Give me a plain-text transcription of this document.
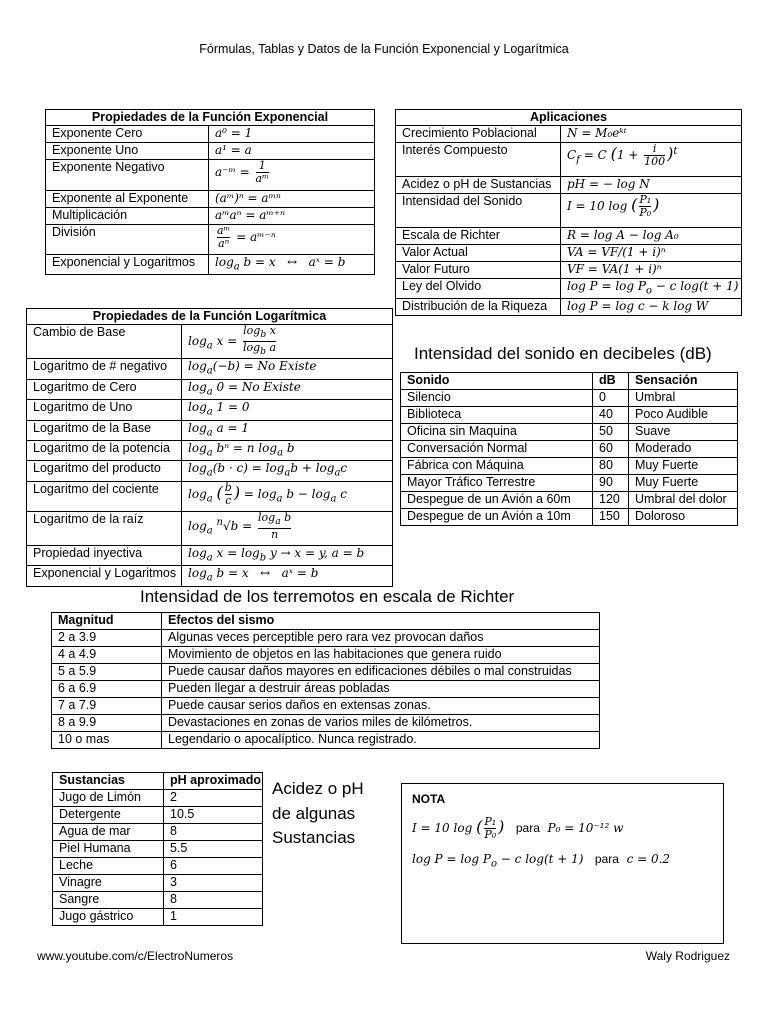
Fórmulas, Tablas y Datos de la Función Exponencial y Logarítmica
Propiedades de la Función Exponencial
Exponente Cero	a⁰ = 1
Exponente Uno	a¹ = a
Exponente Negativo	a⁻ᵐ = $\frac{1}{\text{aᵐ}}$

Exponente al Exponente	(aᵐ)ⁿ = aᵐⁿ
Multiplicación	aᵐaⁿ = aᵐ⁺ⁿ
División	$\frac{\text{aᵐ}}{\text{aⁿ}}$ = aᵐ⁻ⁿ
Exponencial y Logaritmos	$\log_a b = x$   ↔   aˣ = b
Aplicaciones
Crecimiento Poblacional	N = M₀eᵏᵗ
Interés Compuesto	$C_f = C$ $(1 + \frac{i}{100} )^t$
Acidez o pH de Sustancias	pH = − log N
Intensidad del Sonido	I = 10 log ( $\frac{\text{P₁}}{\text{P₀}}$ )
Escala de Richter	R = log A − log A₀
Valor Actual	VA = VF/(1 + i)ⁿ
Valor Futuro	VF = VA(1 + i)ⁿ
Ley del Olvido	$\log P = \log P_o - c$ log(t + 1)
Distribución de la Riqueza	log P = log c − k log W
Propiedades de la Función Logarítmica
Cambio de Base	$\log_a x = \frac{\log_b x}{\log_b a}$

Logaritmo de # negativo	$\log_a(-b) = No$ Existe
Logaritmo de Cero	$\log_a 0 = No$ Existe
Logaritmo de Uno	$\log_a 1 = 0$
Logaritmo de la Base	$\log_a a = 1$
Logaritmo de la potencia	$\log_a b^n = n$ $\log_a b$
Logaritmo del producto	$\log_a(b \cdot c) = \log_ab + \log_ac$
Logaritmo del cociente	$\log_a$ ( $\frac{b}{c}$ ) = $\log_a b - \log_a c$
Logaritmo de la raíz	$\log_a ^n√b = \frac{\log_a b}{n}$

Propiedad inyectiva	$\log_a x = \log_b y \to x = y$, a = b
Exponencial y Logaritmos	$\log_a b = x$   ↔   aˣ = b
Intensidad del sonido en decibeles (dB)
Sonido	dB	Sensación
Silencio	0	Umbral
Biblioteca	40	Poco Audible
Oficina sin Maquina	50	Suave
Conversación Normal	60	Moderado
Fábrica con Máquina	80	Muy Fuerte
Mayor Tráfico Terrestre	90	Muy Fuerte
Despegue de un Avión a 60m	120	Umbral del dolor
Despegue de un Avión a 10m	150	Doloroso
Intensidad de los terremotos en escala de Richter
Magnitud	Efectos del sismo
2 a 3.9	Algunas veces perceptible pero rara vez provocan daños
4 a 4.9	Movimiento de objetos en las habitaciones que genera ruido
5 a 5.9	Puede causar daños mayores en edificaciones débiles o mal construidas
6 a 6.9	Pueden llegar a destruir áreas pobladas
7 a 7.9	Puede causar serios daños en extensas zonas.
8 a 9.9	Devastaciones en zonas de varios miles de kilómetros.
10 o mas	Legendario o apocalíptico. Nunca registrado.
Sustancias	pH aproximado
Jugo de Limón	2
Detergente	10.5
Agua de mar	8
Piel Humana	5.5
Leche	6
Vinagre	3
Sangre	8
Jugo gástrico	1
Acidez o pH de algunas Sustancias
NOTA
I = 10 log ( $\frac{\text{P₁}}{\text{P₀}}$ ) para  P₀ = 10⁻¹² w
$\log P = \log P_o - c$ log(t + 1)   para  c = 0.2
www.youtube.com/c/ElectroNumeros	Waly Rodriguez
